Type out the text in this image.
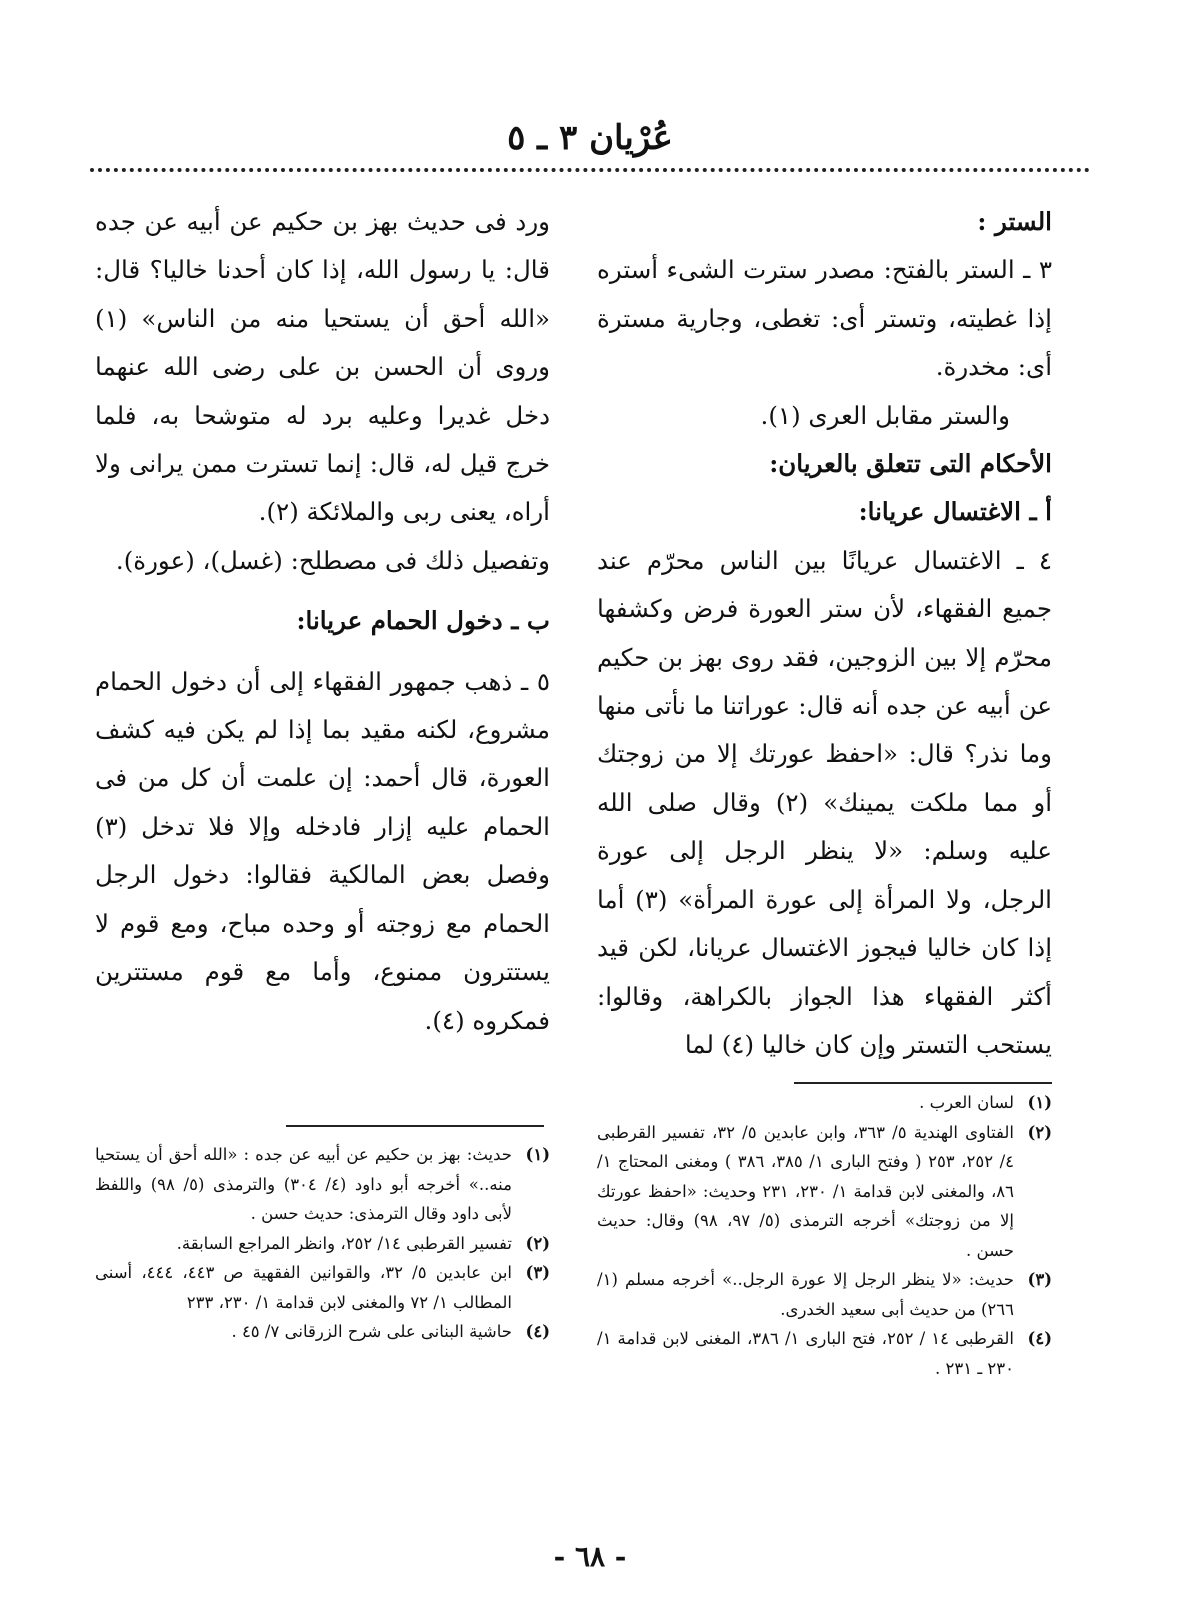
عُرْيان ٣ ـ ٥

الستر :

٣ ـ الستر بالفتح: مصدر سترت الشىء أستره إذا غطيته، وتستر أى: تغطى، وجارية مسترة أى: مخدرة.

والستر مقابل العرى (١).

الأحكام التى تتعلق بالعريان:

أ ـ الاغتسال عريانا:

٤ ـ الاغتسال عريانًا بين الناس محرّم عند جميع الفقهاء، لأن ستر العورة فرض وكشفها محرّم إلا بين الزوجين، فقد روى بهز بن حكيم عن أبيه عن جده أنه قال: عوراتنا ما نأتى منها وما نذر؟ قال: «احفظ عورتك إلا من زوجتك أو مما ملكت يمينك» (٢) وقال صلى الله عليه وسلم: «لا ينظر الرجل إلى عورة الرجل، ولا المرأة إلى عورة المرأة» (٣) أما إذا كان خاليا فيجوز الاغتسال عريانا، لكن قيد أكثر الفقهاء هذا الجواز بالكراهة، وقالوا: يستحب التستر وإن كان خاليا (٤) لما

ورد فى حديث بهز بن حكيم عن أبيه عن جده قال: يا رسول الله، إذا كان أحدنا خاليا؟ قال: «الله أحق أن يستحيا منه من الناس» (١) وروى أن الحسن بن على رضى الله عنهما دخل غديرا وعليه برد له متوشحا به، فلما خرج قيل له، قال: إنما تسترت ممن يرانى ولا أراه، يعنى ربى والملائكة (٢).

وتفصيل ذلك فى مصطلح: (غسل)، (عورة).

ب ـ دخول الحمام عريانا:

٥ ـ ذهب جمهور الفقهاء إلى أن دخول الحمام مشروع، لكنه مقيد بما إذا لم يكن فيه كشف العورة، قال أحمد: إن علمت أن كل من فى الحمام عليه إزار فادخله وإلا فلا تدخل (٣) وفصل بعض المالكية فقالوا: دخول الرجل الحمام مع زوجته أو وحده مباح، ومع قوم لا يستترون ممنوع، وأما مع قوم مستترين فمكروه (٤).

(١)
لسان العرب .
(٢)
الفتاوى الهندية ٥/ ٣٦٣، وابن عابدين ٥/ ٣٢، تفسير القرطبى ٤/ ٢٥٢، ٢٥٣ ( وفتح البارى ١/ ٣٨٥، ٣٨٦ ) ومغنى المحتاج ١/ ٨٦، والمغنى لابن قدامة ١/ ٢٣٠، ٢٣١ وحديث: «احفظ عورتك إلا من زوجتك» أخرجه الترمذى (٥/ ٩٧، ٩٨) وقال: حديث حسن .
(٣)
حديث: «لا ينظر الرجل إلا عورة الرجل..» أخرجه مسلم (١/ ٢٦٦) من حديث أبى سعيد الخدرى.
(٤)
القرطبى ١٤ / ٢٥٢، فتح البارى ١/ ٣٨٦، المغنى لابن قدامة ١/ ٢٣٠ ـ ٢٣١ .
(١)
حديث: بهز بن حكيم عن أبيه عن جده : «الله أحق أن يستحيا منه..» أخرجه أبو داود (٤/ ٣٠٤) والترمذى (٥/ ٩٨) واللفظ لأبى داود وقال الترمذى: حديث حسن .
(٢)
تفسير القرطبى ١٤/ ٢٥٢، وانظر المراجع السابقة.
(٣)
ابن عابدين ٥/ ٣٢، والقوانين الفقهية ص ٤٤٣، ٤٤٤، أسنى المطالب ١/ ٧٢ والمغنى لابن قدامة ١/ ٢٣٠، ٢٣٣
(٤)
حاشية البنانى على شرح الزرقانى ٧/ ٤٥ .
- ٦٨ -
